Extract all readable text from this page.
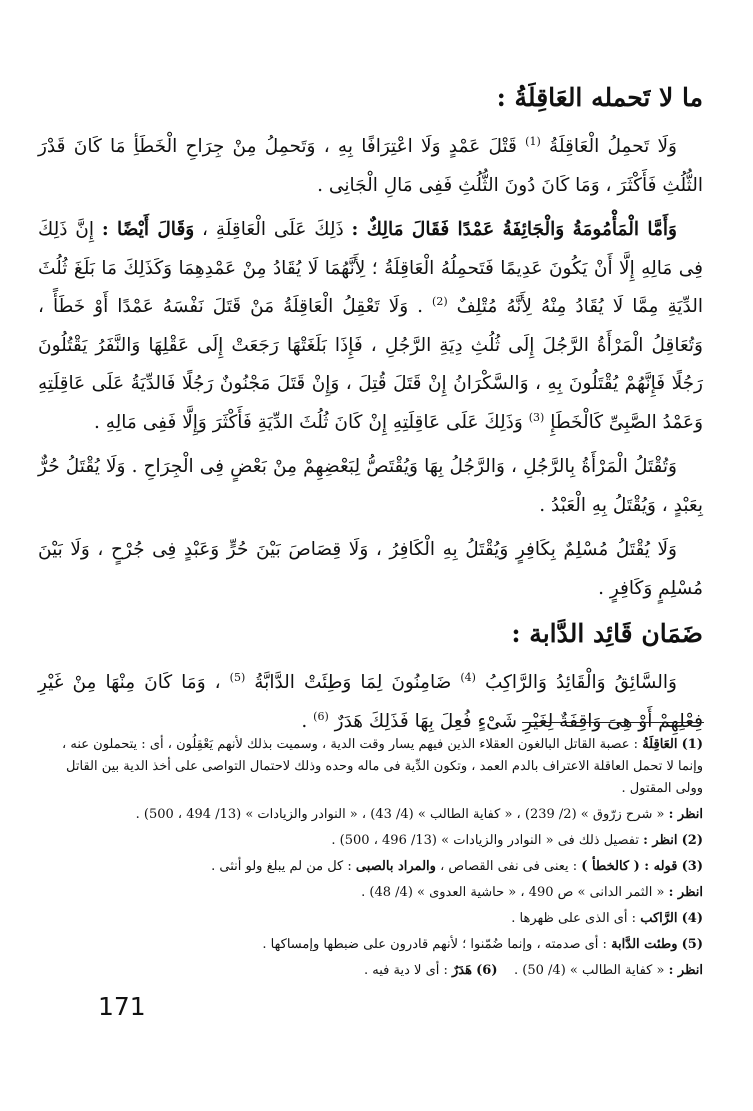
ما لا تَحمله العَاقِلَةُ :

وَلَا تَحمِلُ الْعَاقِلَةُ $^{(1)}$ قَتْلَ عَمْدٍ وَلَا اعْتِرَافًا بِهِ ، وَتَحمِلُ مِنْ جِرَاحِ الْخَطَأِ مَا كَانَ قَدْرَ الثُّلُثِ فَأَكْثَرَ ، وَمَا كَانَ دُونَ الثُّلُثِ فَفِى مَالِ الْجَانِى .

وَأَمَّا الْمَأْمُومَةُ وَالْجَائِفَةُ عَمْدًا فَقَالَ مَالِكٌ : ذَلِكَ عَلَى الْعَاقِلَةِ ، وَقَالَ أَيْضًا : إِنَّ ذَلِكَ فِى مَالِهِ إِلَّا أَنْ يَكُونَ عَدِيمًا فَتَحمِلُهُ الْعَاقِلَةُ ؛ لِأَنَّهُمَا لَا يُقَادُ مِنْ عَمْدِهِمَا وَكَذَلِكَ مَا بَلَغَ ثُلُثَ الدِّيَةِ مِمَّا لَا يُقَادُ مِنْهُ لِأَنَّهُ مُتْلِفٌ $^{(2)}$ . وَلَا تَعْقِلُ الْعَاقِلَةُ مَنْ قَتَلَ نَفْسَهُ عَمْدًا أَوْ خَطَأً ، وَتُعَاقِلُ الْمَرْأَةُ الرَّجُلَ إِلَى ثُلُثِ دِيَةِ الرَّجُلِ ، فَإِذَا بَلَغَتْهَا رَجَعَتْ إِلَى عَقْلِهَا وَالنَّفَرُ يَقْتُلُونَ رَجُلًا فَإِنَّهُمْ يُقْتَلُونَ بِهِ ، وَالسَّكْرَانُ إِنْ قَتَلَ قُتِلَ ، وَإِنْ قَتَلَ مَجْنُونٌ رَجُلًا فَالدِّيَةُ عَلَى عَاقِلَتِهِ وَعَمْدُ الصَّبِىِّ كَالْخَطَإِ $^{(3)}$ وَذَلِكَ عَلَى عَاقِلَتِهِ إِنْ كَانَ ثُلُثَ الدِّيَةِ فَأَكْثَرَ وَإِلَّا فَفِى مَالِهِ .

وَتُقْتَلُ الْمَرْأَةُ بِالرَّجُلِ ، وَالرَّجُلُ بِهَا وَيُقْتَصُّ لِبَعْضِهِمْ مِنْ بَعْضٍ فِى الْجِرَاحِ . وَلَا يُقْتَلُ حُرٌّ بِعَبْدٍ ، وَيُقْتَلُ بِهِ الْعَبْدُ .

وَلَا يُقْتَلُ مُسْلِمٌ بِكَافِرٍ وَيُقْتَلُ بِهِ الْكَافِرُ ، وَلَا قِصَاصَ بَيْنَ حُرٍّ وَعَبْدٍ فِى جُرْحٍ ، وَلَا بَيْنَ مُسْلِمٍ وَكَافِرٍ .

ضَمَان قَائِد الدَّابة :

وَالسَّائِقُ وَالْقَائِدُ وَالرَّاكِبُ $^{(4)}$ ضَامِنُونَ لِمَا وَطِئَتْ الدَّابَّةُ $^{(5)}$ ، وَمَا كَانَ مِنْهَا مِنْ غَيْرِ فِعْلِهِمْ أَوْ هِىَ وَاقِفَةٌ لِغَيْرِ شَىْءٍ فُعِلَ بِهَا فَذَلِكَ هَدَرٌ $^{(6)}$ .

(1) العَاقِلَةُ : عصبة القاتل البالغون العقلاء الذين فيهم يسار وقت الدية ، وسميت بذلك لأنهم يَعْقِلُون ، أى : يتحملون عنه ، وإنما لا تحمل العاقلة الاعتراف بالدم العمد ، وتكون الدِّية فى ماله وحده وذلك لاحتمال التواصى على أخذ الدية بين القاتل وولى المقتول .
انظر : « شرح زرّوق » (2/ 239) ، « كفاية الطالب » (4/ 43) ، « النوادر والزيادات » (13/ 494 ، 500) .
(2) انظر : تفصيل ذلك فى « النوادر والزيادات » (13/ 496 ، 500) .
(3) قوله : ( كالخطأ ) : يعنى فى نفى القصاص ، والمراد بالصبى : كل من لم يبلغ ولو أنثى .
انظر : « الثمر الدانى » ص 490 ، « حاشية العدوى » (4/ 48) .
(4) الرَّاكب : أى الذى على ظهرها .
(5) وطئت الدَّابة : أى صدمته ، وإنما ضُمّنوا ؛ لأنهم قادرون على ضبطها وإمساكها .
انظر : « كفاية الطالب » (4/ 50) .    (6) هَدَرٌ : أى لا دية فيه .
171
